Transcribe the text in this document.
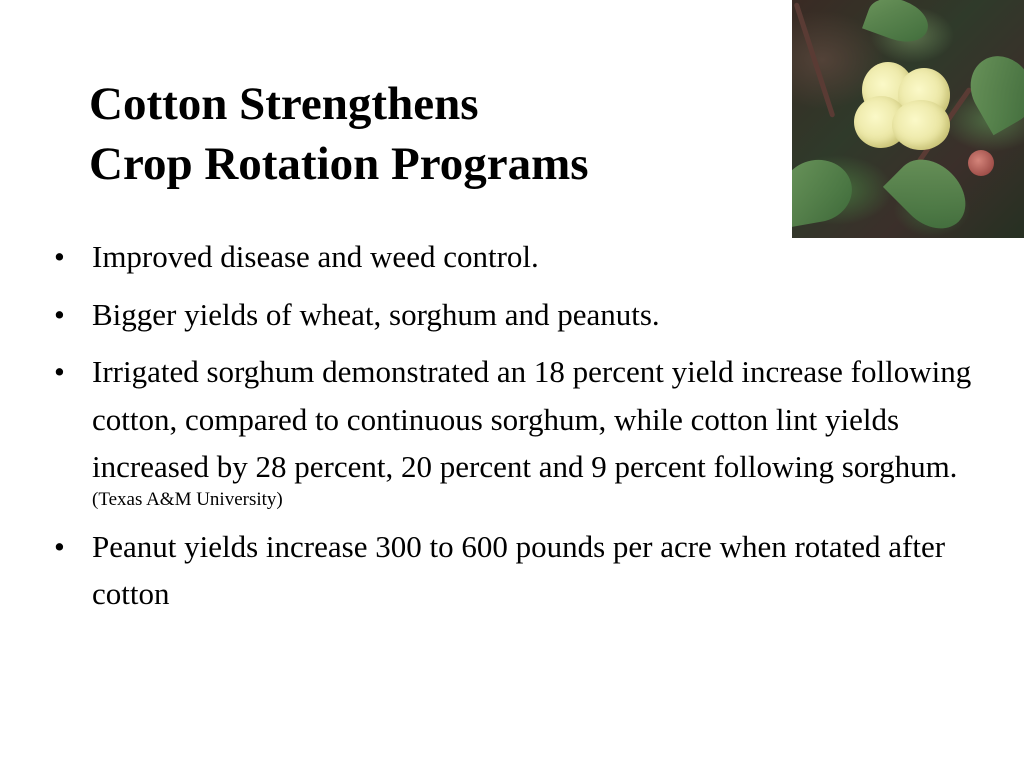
Cotton Strengthens
Crop Rotation Programs
• Improved disease and weed control.
• Bigger yields of wheat, sorghum and peanuts.
• Irrigated sorghum demonstrated an 18 percent yield increase following cotton, compared to continuous sorghum, while cotton lint yields increased by 28 percent, 20 percent and 9 percent following sorghum.
(Texas A&M University)
• Peanut yields increase 300 to 600 pounds per acre when rotated after cotton
